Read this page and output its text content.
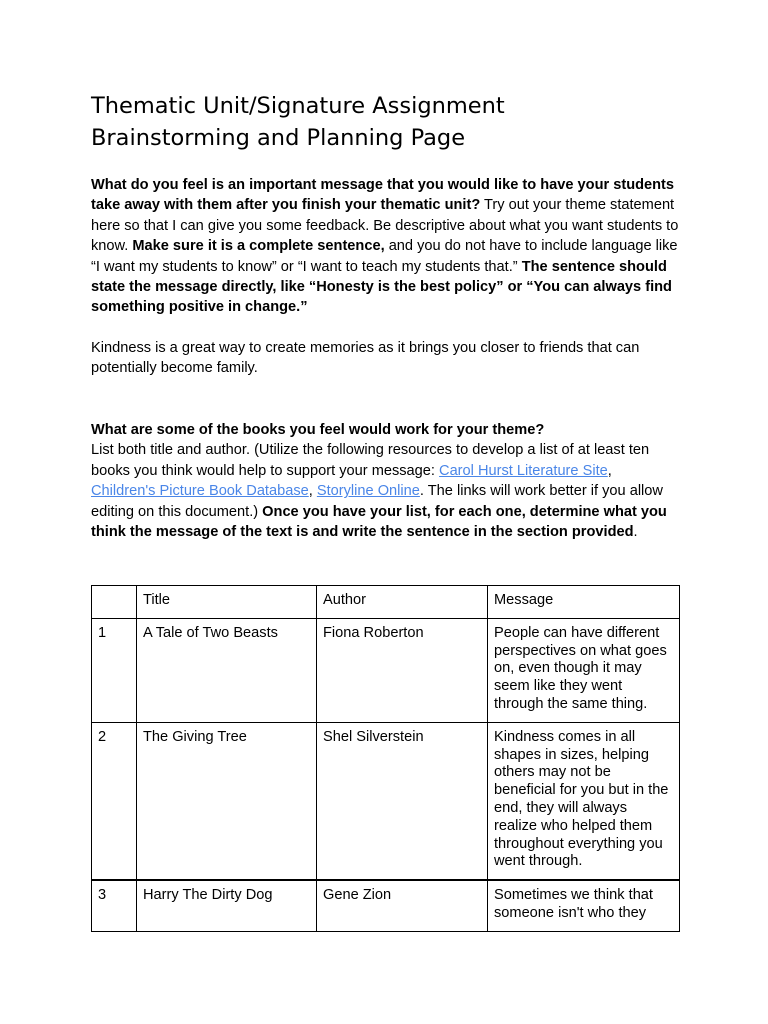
Thematic Unit/Signature Assignment
Brainstorming and Planning Page

What do you feel is an important message that you would like to have your students take away with them after you finish your thematic unit? Try out your theme statement here so that I can give you some feedback. Be descriptive about what you want students to know. Make sure it is a complete sentence, and you do not have to include language like “I want my students to know” or “I want to teach my students that.” The sentence should state the message directly, like “Honesty is the best policy” or “You can always find something positive in change.”

Kindness is a great way to create memories as it brings you closer to friends that can potentially become family.

What are some of the books you feel would work for your theme?
List both title and author. (Utilize the following resources to develop a list of at least ten books you think would help to support your message: Carol Hurst Literature Site, Children's Picture Book Database, Storyline Online. The links will work better if you allow editing on this document.) Once you have your list, for each one, determine what you think the message of the text is and write the sentence in the section provided.

	Title	Author	Message
1	A Tale of Two Beasts	Fiona Roberton	People can have different perspectives on what goes on, even though it may seem like they went through the same thing.
2	The Giving Tree	Shel Silverstein	Kindness comes in all shapes in sizes, helping others may not be beneficial for you but in the end, they will always realize who helped them throughout everything you went through.
3	Harry The Dirty Dog	Gene Zion	Sometimes we think that someone isn't who they
